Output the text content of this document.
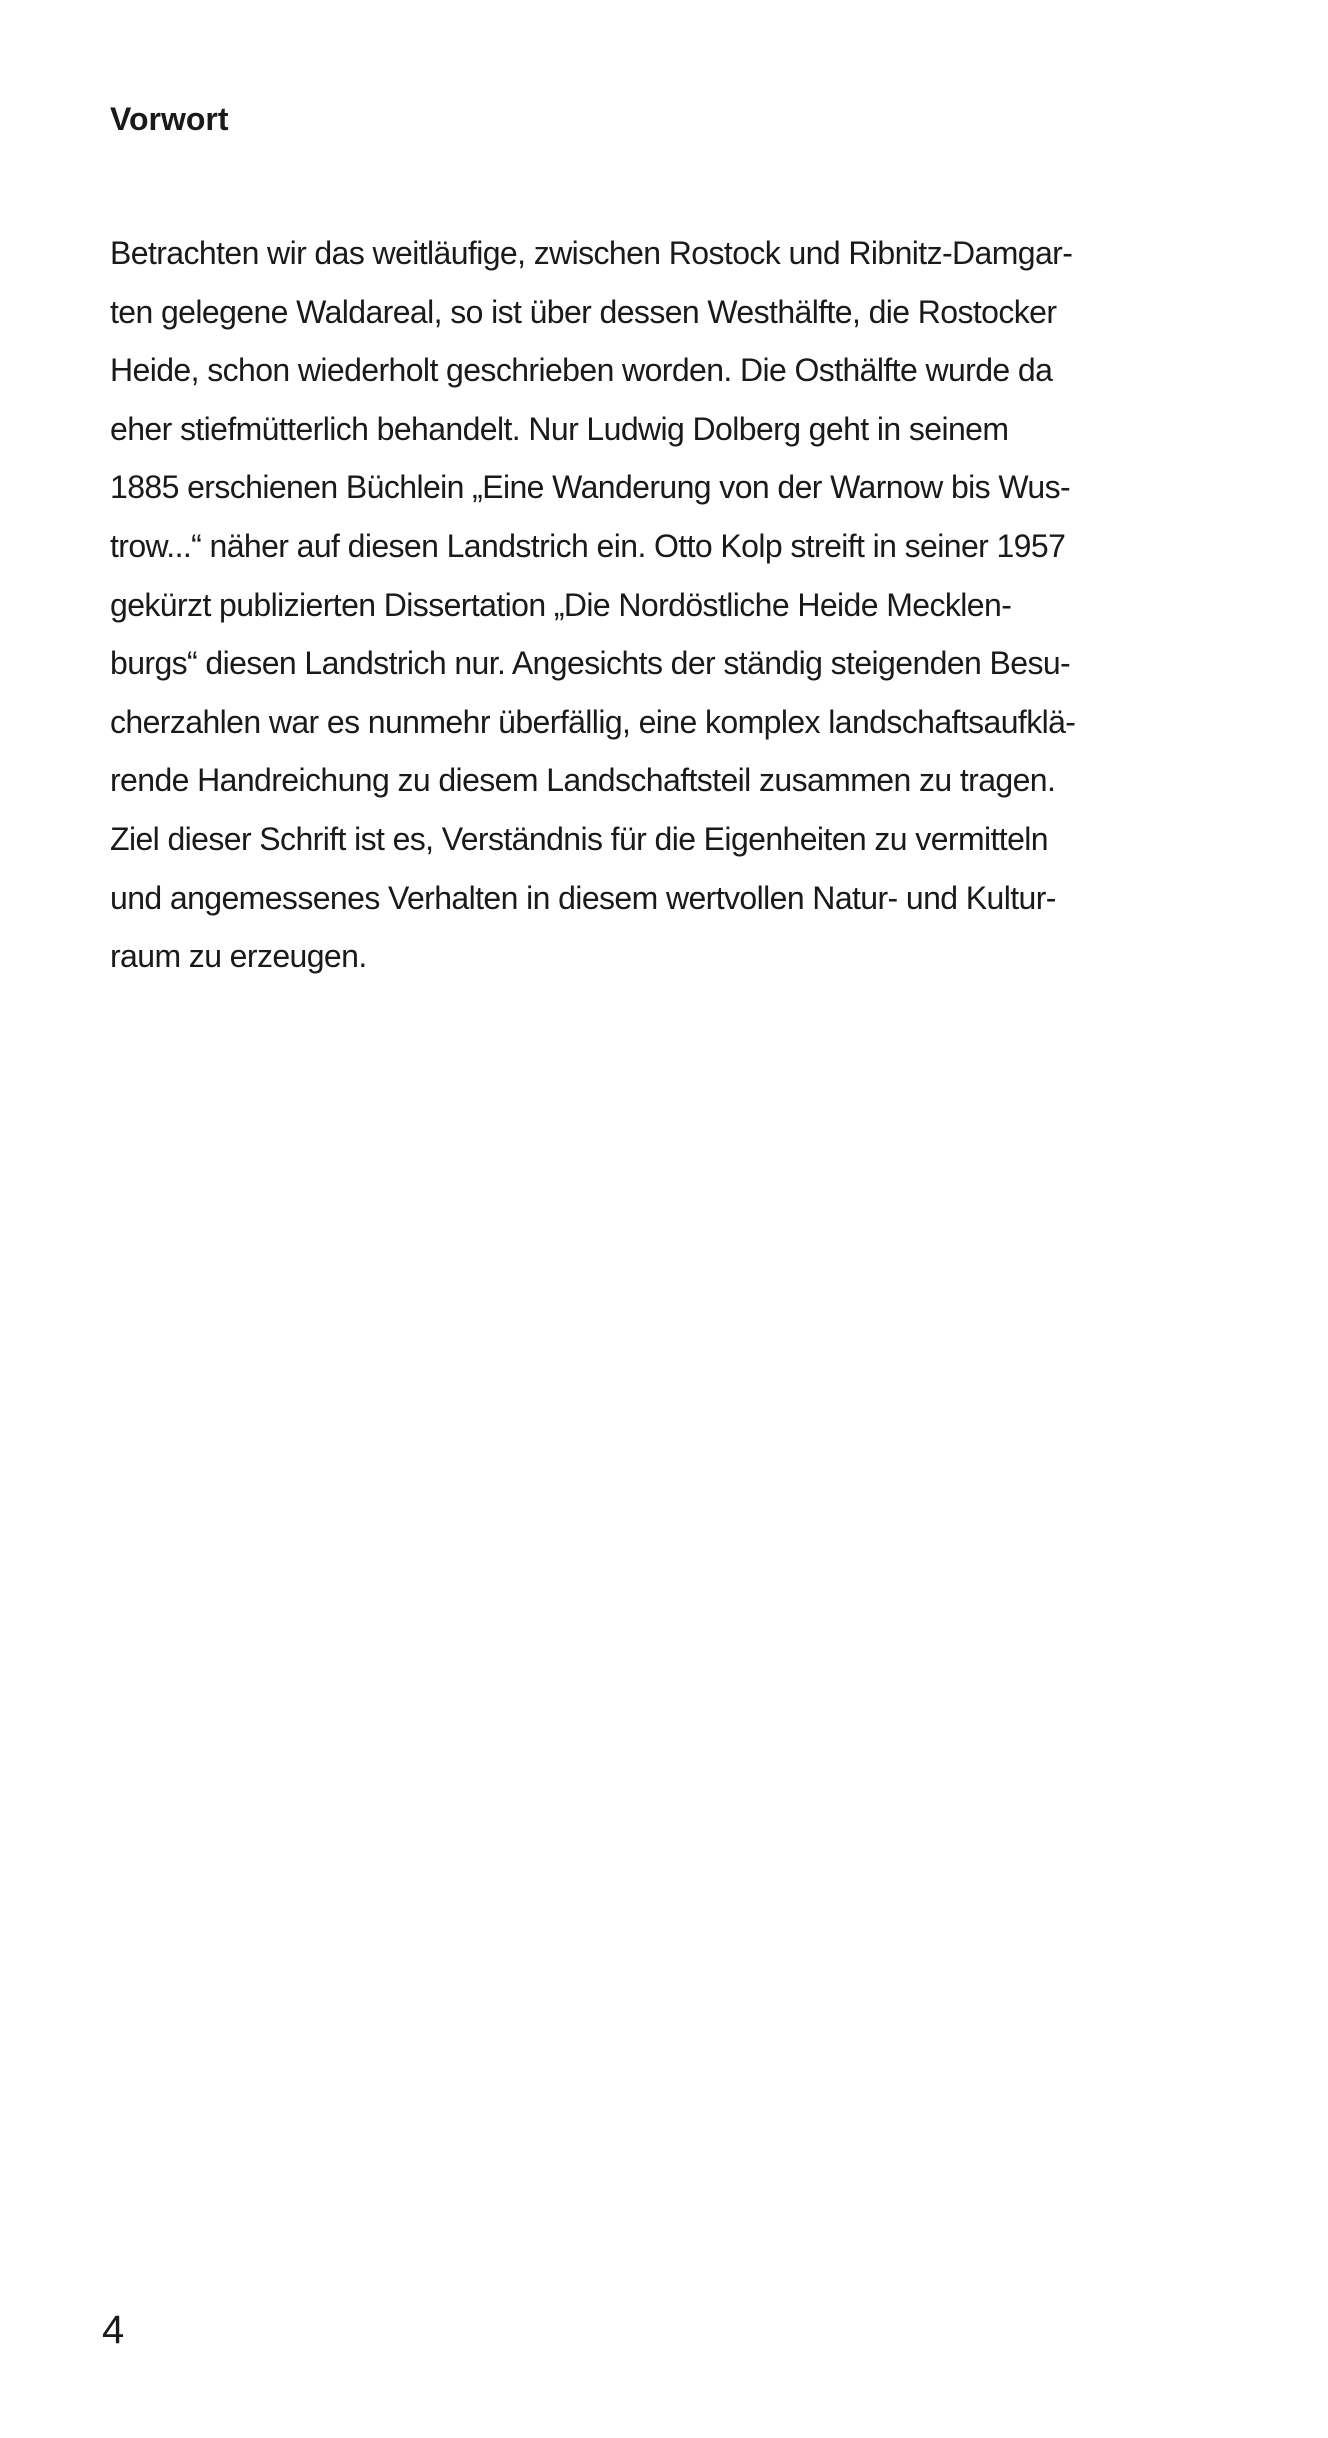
Vorwort
Betrachten wir das weitläufige, zwischen Rostock und Ribnitz-Damgar-
ten gelegene Waldareal, so ist über dessen Westhälfte, die Rostocker
Heide, schon wiederholt geschrieben worden. Die Osthälfte wurde da
eher stiefmütterlich behandelt. Nur Ludwig Dolberg geht in seinem
1885 erschienen Büchlein „Eine Wanderung von der Warnow bis Wus-
trow...“ näher auf diesen Landstrich ein. Otto Kolp streift in seiner 1957
gekürzt publizierten Dissertation „Die Nordöstliche Heide Mecklen-
burgs“ diesen Landstrich nur. Angesichts der ständig steigenden Besu-
cherzahlen war es nunmehr überfällig, eine komplex landschaftsaufklä-
rende Handreichung zu diesem Landschaftsteil zusammen zu tragen.
Ziel dieser Schrift ist es, Verständnis für die Eigenheiten zu vermitteln
und angemessenes Verhalten in diesem wertvollen Natur- und Kultur-
raum zu erzeugen.

4
